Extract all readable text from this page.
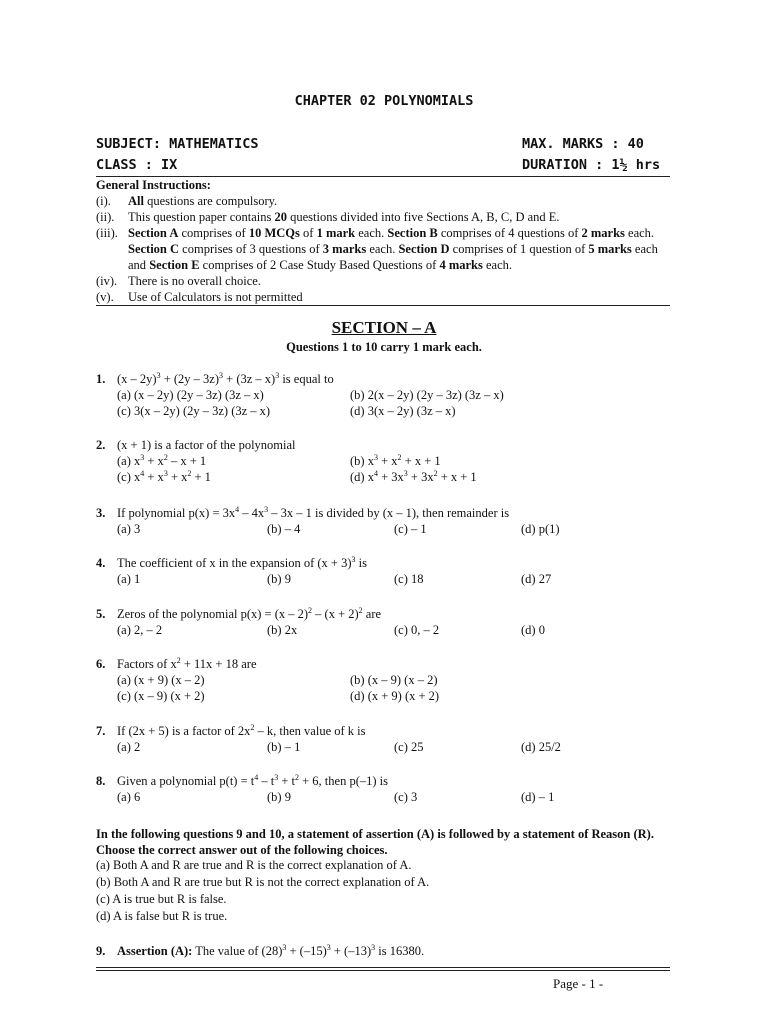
CHAPTER 02 POLYNOMIALS
SUBJECT: MATHEMATICS	MAX. MARKS : 40
CLASS : IX	DURATION : 1½ hrs
General Instructions:
(i). All questions are compulsory.
(ii). This question paper contains 20 questions divided into five Sections A, B, C, D and E.
(iii). Section A comprises of 10 MCQs of 1 mark each. Section B comprises of 4 questions of 2 marks each. Section C comprises of 3 questions of 3 marks each. Section D comprises of 1 question of 5 marks each and Section E comprises of 2 Case Study Based Questions of 4 marks each.
(iv). There is no overall choice.
(v). Use of Calculators is not permitted
SECTION – A
Questions 1 to 10 carry 1 mark each.
1. (x – 2y)$^3$ + (2y – 3z)$^3$ + (3z – x)$^3$ is equal to
(a) (x – 2y) (2y – 3z) (3z – x)	(b) 2(x – 2y) (2y – 3z) (3z – x)
(c) 3(x – 2y) (2y – 3z) (3z – x)	(d) 3(x – 2y) (3z – x)
2. (x + 1) is a factor of the polynomial
(a) $x^3 + x^2 - x + 1$	(b) $x^3 + x^2 + x + 1$
(c) $x^4 + x^3 + x^2 + 1$	(d) $x^4 + 3x^3 + 3x^2 + x + 1$
3. If polynomial $p(x) = 3x^4 - 4x^3 - 3x - 1$ is divided by (x – 1), then remainder is
(a) 3	(b) – 4	(c) – 1	(d) p(1)
4. The coefficient of x in the expansion of $(x + 3)^3$ is
(a) 1	(b) 9	(c) 18	(d) 27
5. Zeros of the polynomial $p(x) = (x - 2)^2 - (x + 2)^2$ are
(a) 2, – 2	(b) 2x	(c) 0, – 2	(d) 0
6. Factors of $x^2 + 11x + 18$ are
(a) (x + 9) (x – 2)	(b) (x – 9) (x – 2)
(c) (x – 9) (x + 2)	(d) (x + 9) (x + 2)
7. If (2x + 5) is a factor of $2x^2$ – k, then value of k is
(a) 2	(b) – 1	(c) 25	(d) 25/2
8. Given a polynomial $p(t) = t^4 - t^3 + t^2 + 6$, then p(–1) is
(a) 6	(b) 9	(c) 3	(d) – 1
In the following questions 9 and 10, a statement of assertion (A) is followed by a statement of Reason (R). Choose the correct answer out of the following choices.
(a) Both A and R are true and R is the correct explanation of A.
(b) Both A and R are true but R is not the correct explanation of A.
(c) A is true but R is false.
(d) A is false but R is true.
9. Assertion (A): The value of $(28)^3 + (-15)^3 + (-13)^3$ is 16380.
Page - 1 -
